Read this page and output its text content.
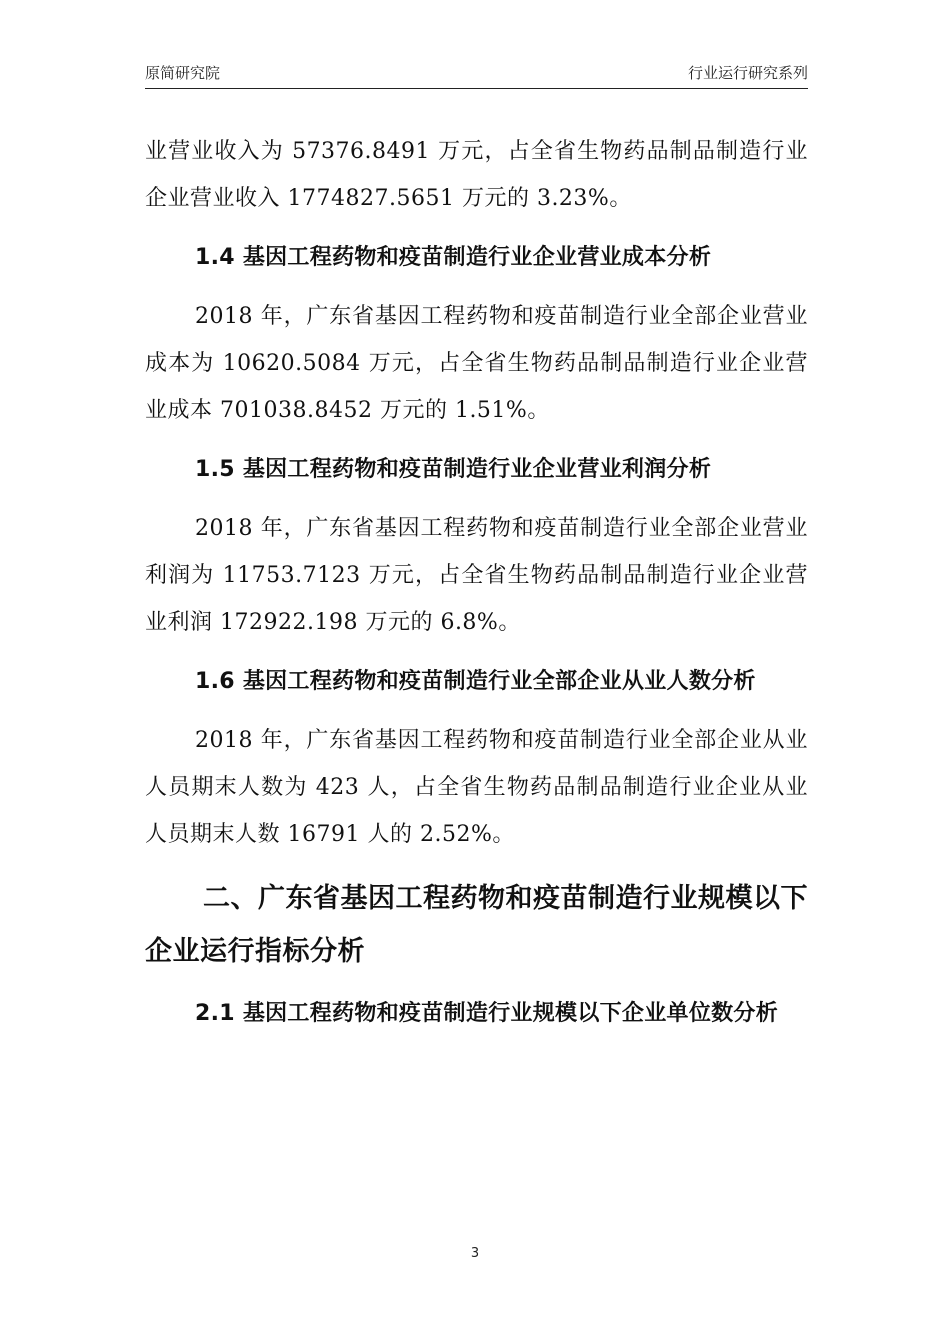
原简研究院	行业运行研究系列

业营业收入为 57376.8491 万元，占全省生物药品制品制造行业企业营业收入 1774827.5651 万元的 3.23%。

1.4 基因工程药物和疫苗制造行业企业营业成本分析

2018 年，广东省基因工程药物和疫苗制造行业全部企业营业成本为 10620.5084 万元，占全省生物药品制品制造行业企业营业成本 701038.8452 万元的 1.51%。

1.5 基因工程药物和疫苗制造行业企业营业利润分析

2018 年，广东省基因工程药物和疫苗制造行业全部企业营业利润为 11753.7123 万元，占全省生物药品制品制造行业企业营业利润 172922.198 万元的 6.8%。

1.6 基因工程药物和疫苗制造行业全部企业从业人数分析

2018 年，广东省基因工程药物和疫苗制造行业全部企业从业人员期末人数为 423 人，占全省生物药品制品制造行业企业从业人员期末人数 16791 人的 2.52%。

二、广东省基因工程药物和疫苗制造行业规模以下企业运行指标分析
2.1 基因工程药物和疫苗制造行业规模以下企业单位数分析
3
